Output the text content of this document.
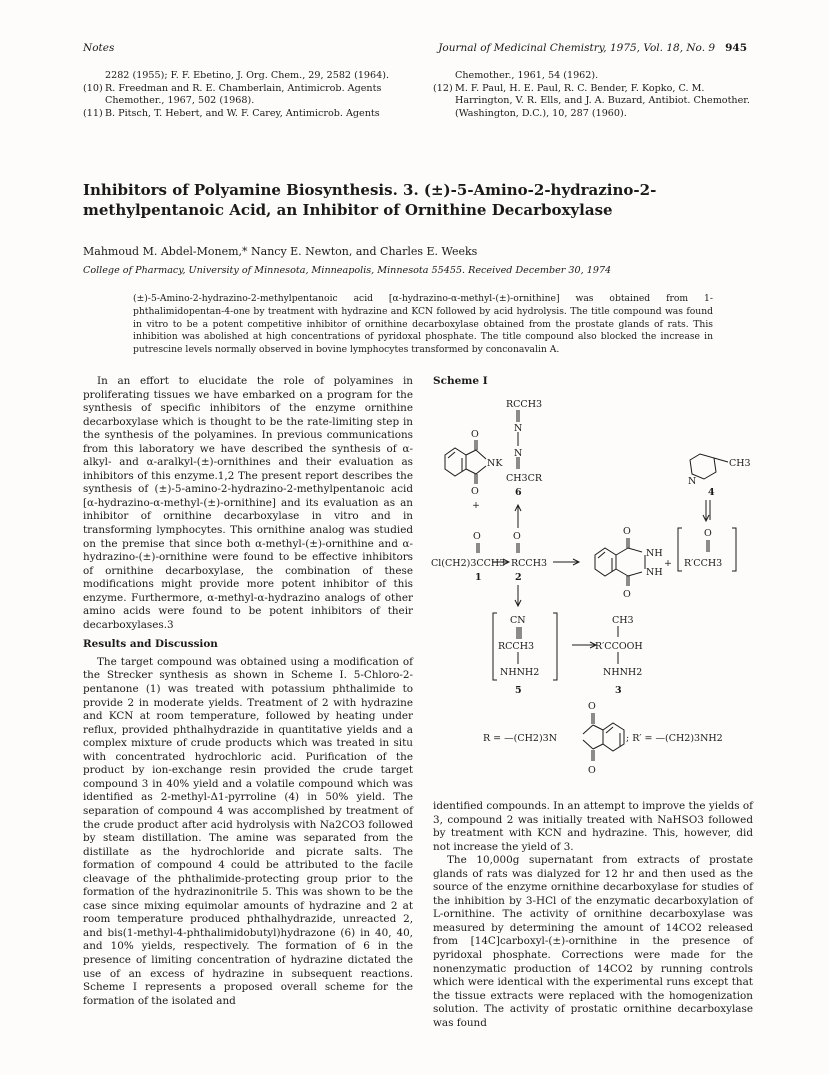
Notes	Journal of Medicinal Chemistry, 1975, Vol. 18, No. 9 945
2282 (1955); F. F. Ebetino, J. Org. Chem., 29, 2582 (1964).
(10) R. Freedman and R. E. Chamberlain, Antimicrob. Agents Chemother., 1967, 502 (1968).
(11) B. Pitsch, T. Hebert, and W. F. Carey, Antimicrob. Agents
Chemother., 1961, 54 (1962).
(12) M. F. Paul, H. E. Paul, R. C. Bender, F. Kopko, C. M. Harrington, V. R. Ells, and J. A. Buzard, Antibiot. Chemother. (Washington, D.C.), 10, 287 (1960).
Inhibitors of Polyamine Biosynthesis. 3. (±)-5-Amino-2-hydrazino-2-methylpentanoic Acid, an Inhibitor of Ornithine Decarboxylase
Mahmoud M. Abdel-Monem,* Nancy E. Newton, and Charles E. Weeks
College of Pharmacy, University of Minnesota, Minneapolis, Minnesota 55455. Received December 30, 1974
(±)-5-Amino-2-hydrazino-2-methylpentanoic acid [α-hydrazino-α-methyl-(±)-ornithine] was obtained from 1-phthalimidopentan-4-one by treatment with hydrazine and KCN followed by acid hydrolysis. The title compound was found in vitro to be a potent competitive inhibitor of ornithine decarboxylase obtained from the prostate glands of rats. This inhibition was abolished at high concentrations of pyridoxal phosphate. The title compound also blocked the increase in putrescine levels normally observed in bovine lymphocytes transformed by conconavalin A.

In an effort to elucidate the role of polyamines in proliferating tissues we have embarked on a program for the synthesis of specific inhibitors of the enzyme ornithine decarboxylase which is thought to be the rate-limiting step in the synthesis of the polyamines. In previous communications from this laboratory we have described the synthesis of α-alkyl- and α-aralkyl-(±)-ornithines and their evaluation as inhibitors of this enzyme.1,2 The present report describes the synthesis of (±)-5-amino-2-hydrazino-2-methylpentanoic acid [α-hydrazino-α-methyl-(±)-ornithine] and its evaluation as an inhibitor of ornithine decarboxylase in vitro and in transforming lymphocytes. This ornithine analog was studied on the premise that since both α-methyl-(±)-ornithine and α-hydrazino-(±)-ornithine were found to be effective inhibitors of ornithine decarboxylase, the combination of these modifications might provide more potent inhibitor of this enzyme. Furthermore, α-methyl-α-hydrazino analogs of other amino acids were found to be potent inhibitors of their decarboxylases.3

Results and Discussion

The target compound was obtained using a modification of the Strecker synthesis as shown in Scheme I. 5-Chloro-2-pentanone (1) was treated with potassium phthalimide to provide 2 in moderate yields. Treatment of 2 with hydrazine and KCN at room temperature, followed by heating under reflux, provided phthalhydrazide in quantitative yields and a complex mixture of crude products which was treated in situ with concentrated hydrochloric acid. Purification of the product by ion-exchange resin provided the crude target compound 3 in 40% yield and a volatile compound which was identified as 2-methyl-Δ1-pyrroline (4) in 50% yield. The separation of compound 4 was accomplished by treatment of the crude product after acid hydrolysis with Na2CO3 followed by steam distillation. The amine was separated from the distillate as the hydrochloride and picrate salts. The formation of compound 4 could be attributed to the facile cleavage of the phthalimide-protecting group prior to the formation of the hydrazinonitrile 5. This was shown to be the case since mixing equimolar amounts of hydrazine and 2 at room temperature produced phthalhydrazide, unreacted 2, and bis(1-methyl-4-phthalimidobutyl)hydrazone (6) in 40, 40, and 10% yields, respectively. The formation of 6 in the presence of limiting concentration of hydrazine dictated the use of an excess of hydrazine in subsequent reactions. Scheme I represents a proposed overall scheme for the formation of the isolated and

Scheme I
RCCH3
N
N
CH3CR
6
O
NK
O
+
O	O
Cl(CH2)3CCH3
1
RCCH3
2
O
NH
NH
O
+
O
R′CCH3
CH3
N
4
CN
RCCH3
NHNH2
5
CH3
R′CCOOH
NHNH2
3
O
O
R = —(CH2)3N	; R′ = —(CH2)3NH2

identified compounds. In an attempt to improve the yields of 3, compound 2 was initially treated with NaHSO3 followed by treatment with KCN and hydrazine. This, however, did not increase the yield of 3.

The 10,000g supernatant from extracts of prostate glands of rats was dialyzed for 12 hr and then used as the source of the enzyme ornithine decarboxylase for studies of the inhibition by 3-HCl of the enzymatic decarboxylation of L-ornithine. The activity of ornithine decarboxylase was measured by determining the amount of 14CO2 released from [14C]carboxyl-(±)-ornithine in the presence of pyridoxal phosphate. Corrections were made for the nonenzymatic production of 14CO2 by running controls which were identical with the experimental runs except that the tissue extracts were replaced with the homogenization solution. The activity of prostatic ornithine decarboxylase was found
